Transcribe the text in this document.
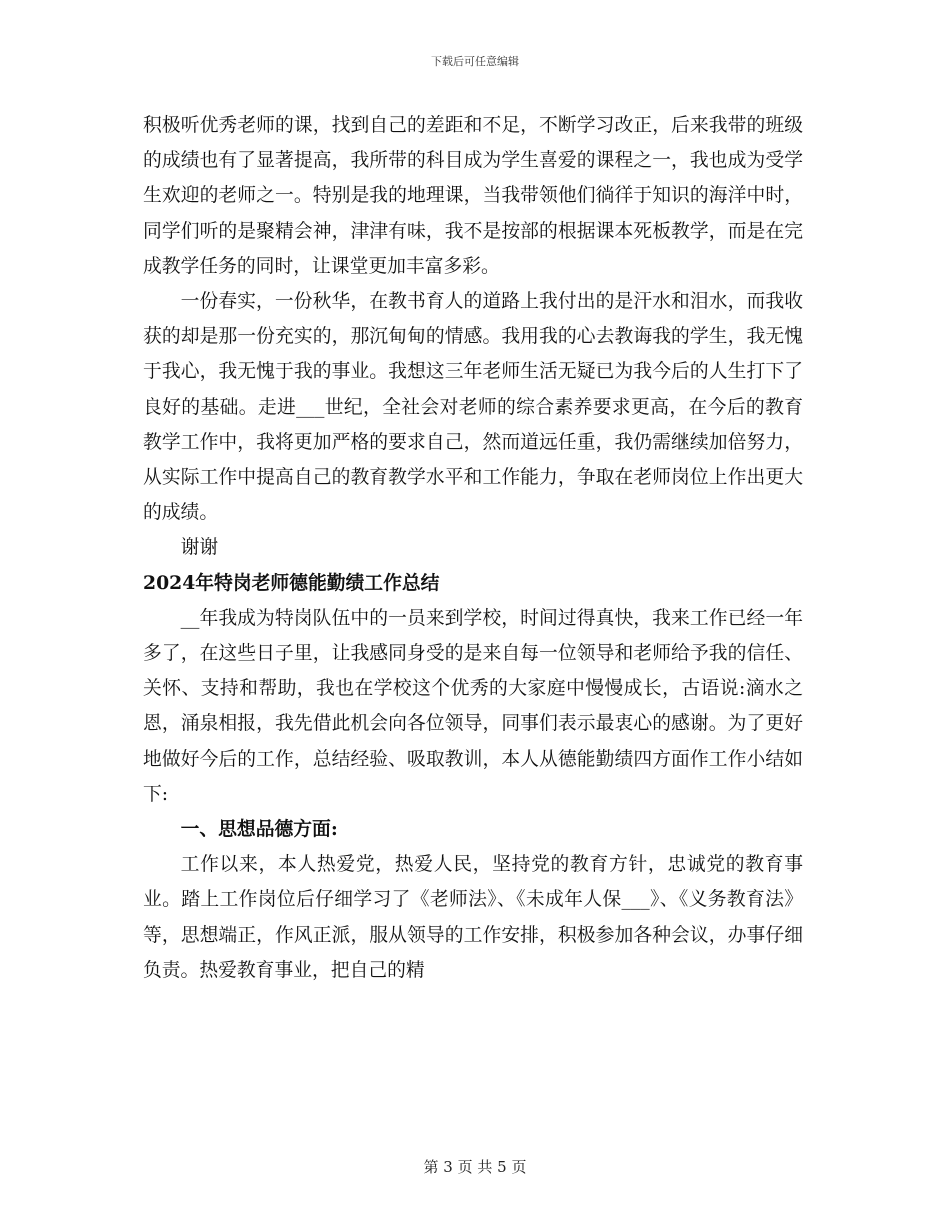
下载后可任意编辑

积极听优秀老师的课，找到自己的差距和不足，不断学习改正，后来我带的班级的成绩也有了显著提高，我所带的科目成为学生喜爱的课程之一，我也成为受学生欢迎的老师之一。特别是我的地理课，当我带领他们徜徉于知识的海洋中时，同学们听的是聚精会神，津津有味，我不是按部的根据课本死板教学，而是在完成教学任务的同时，让课堂更加丰富多彩。

一份春实，一份秋华，在教书育人的道路上我付出的是汗水和泪水，而我收获的却是那一份充实的，那沉甸甸的情感。我用我的心去教诲我的学生，我无愧于我心，我无愧于我的事业。我想这三年老师生活无疑已为我今后的人生打下了良好的基础。走进___世纪，全社会对老师的综合素养要求更高，在今后的教育教学工作中，我将更加严格的要求自己，然而道远任重，我仍需继续加倍努力，从实际工作中提高自己的教育教学水平和工作能力，争取在老师岗位上作出更大的成绩。

谢谢

2024年特岗老师德能勤绩工作总结

__年我成为特岗队伍中的一员来到学校，时间过得真快，我来工作已经一年多了，在这些日子里，让我感同身受的是来自每一位领导和老师给予我的信任、关怀、支持和帮助，我也在学校这个优秀的大家庭中慢慢成长，古语说:滴水之恩，涌泉相报，我先借此机会向各位领导，同事们表示最衷心的感谢。为了更好地做好今后的工作，总结经验、吸取教训，本人从德能勤绩四方面作工作小结如下:

一、思想品德方面:

工作以来，本人热爱党，热爱人民，坚持党的教育方针，忠诚党的教育事业。踏上工作岗位后仔细学习了《老师法》、《未成年人保___》、《义务教育法》等，思想端正，作风正派，服从领导的工作安排，积极参加各种会议，办事仔细负责。热爱教育事业，把自己的精

第 3 页 共 5 页
